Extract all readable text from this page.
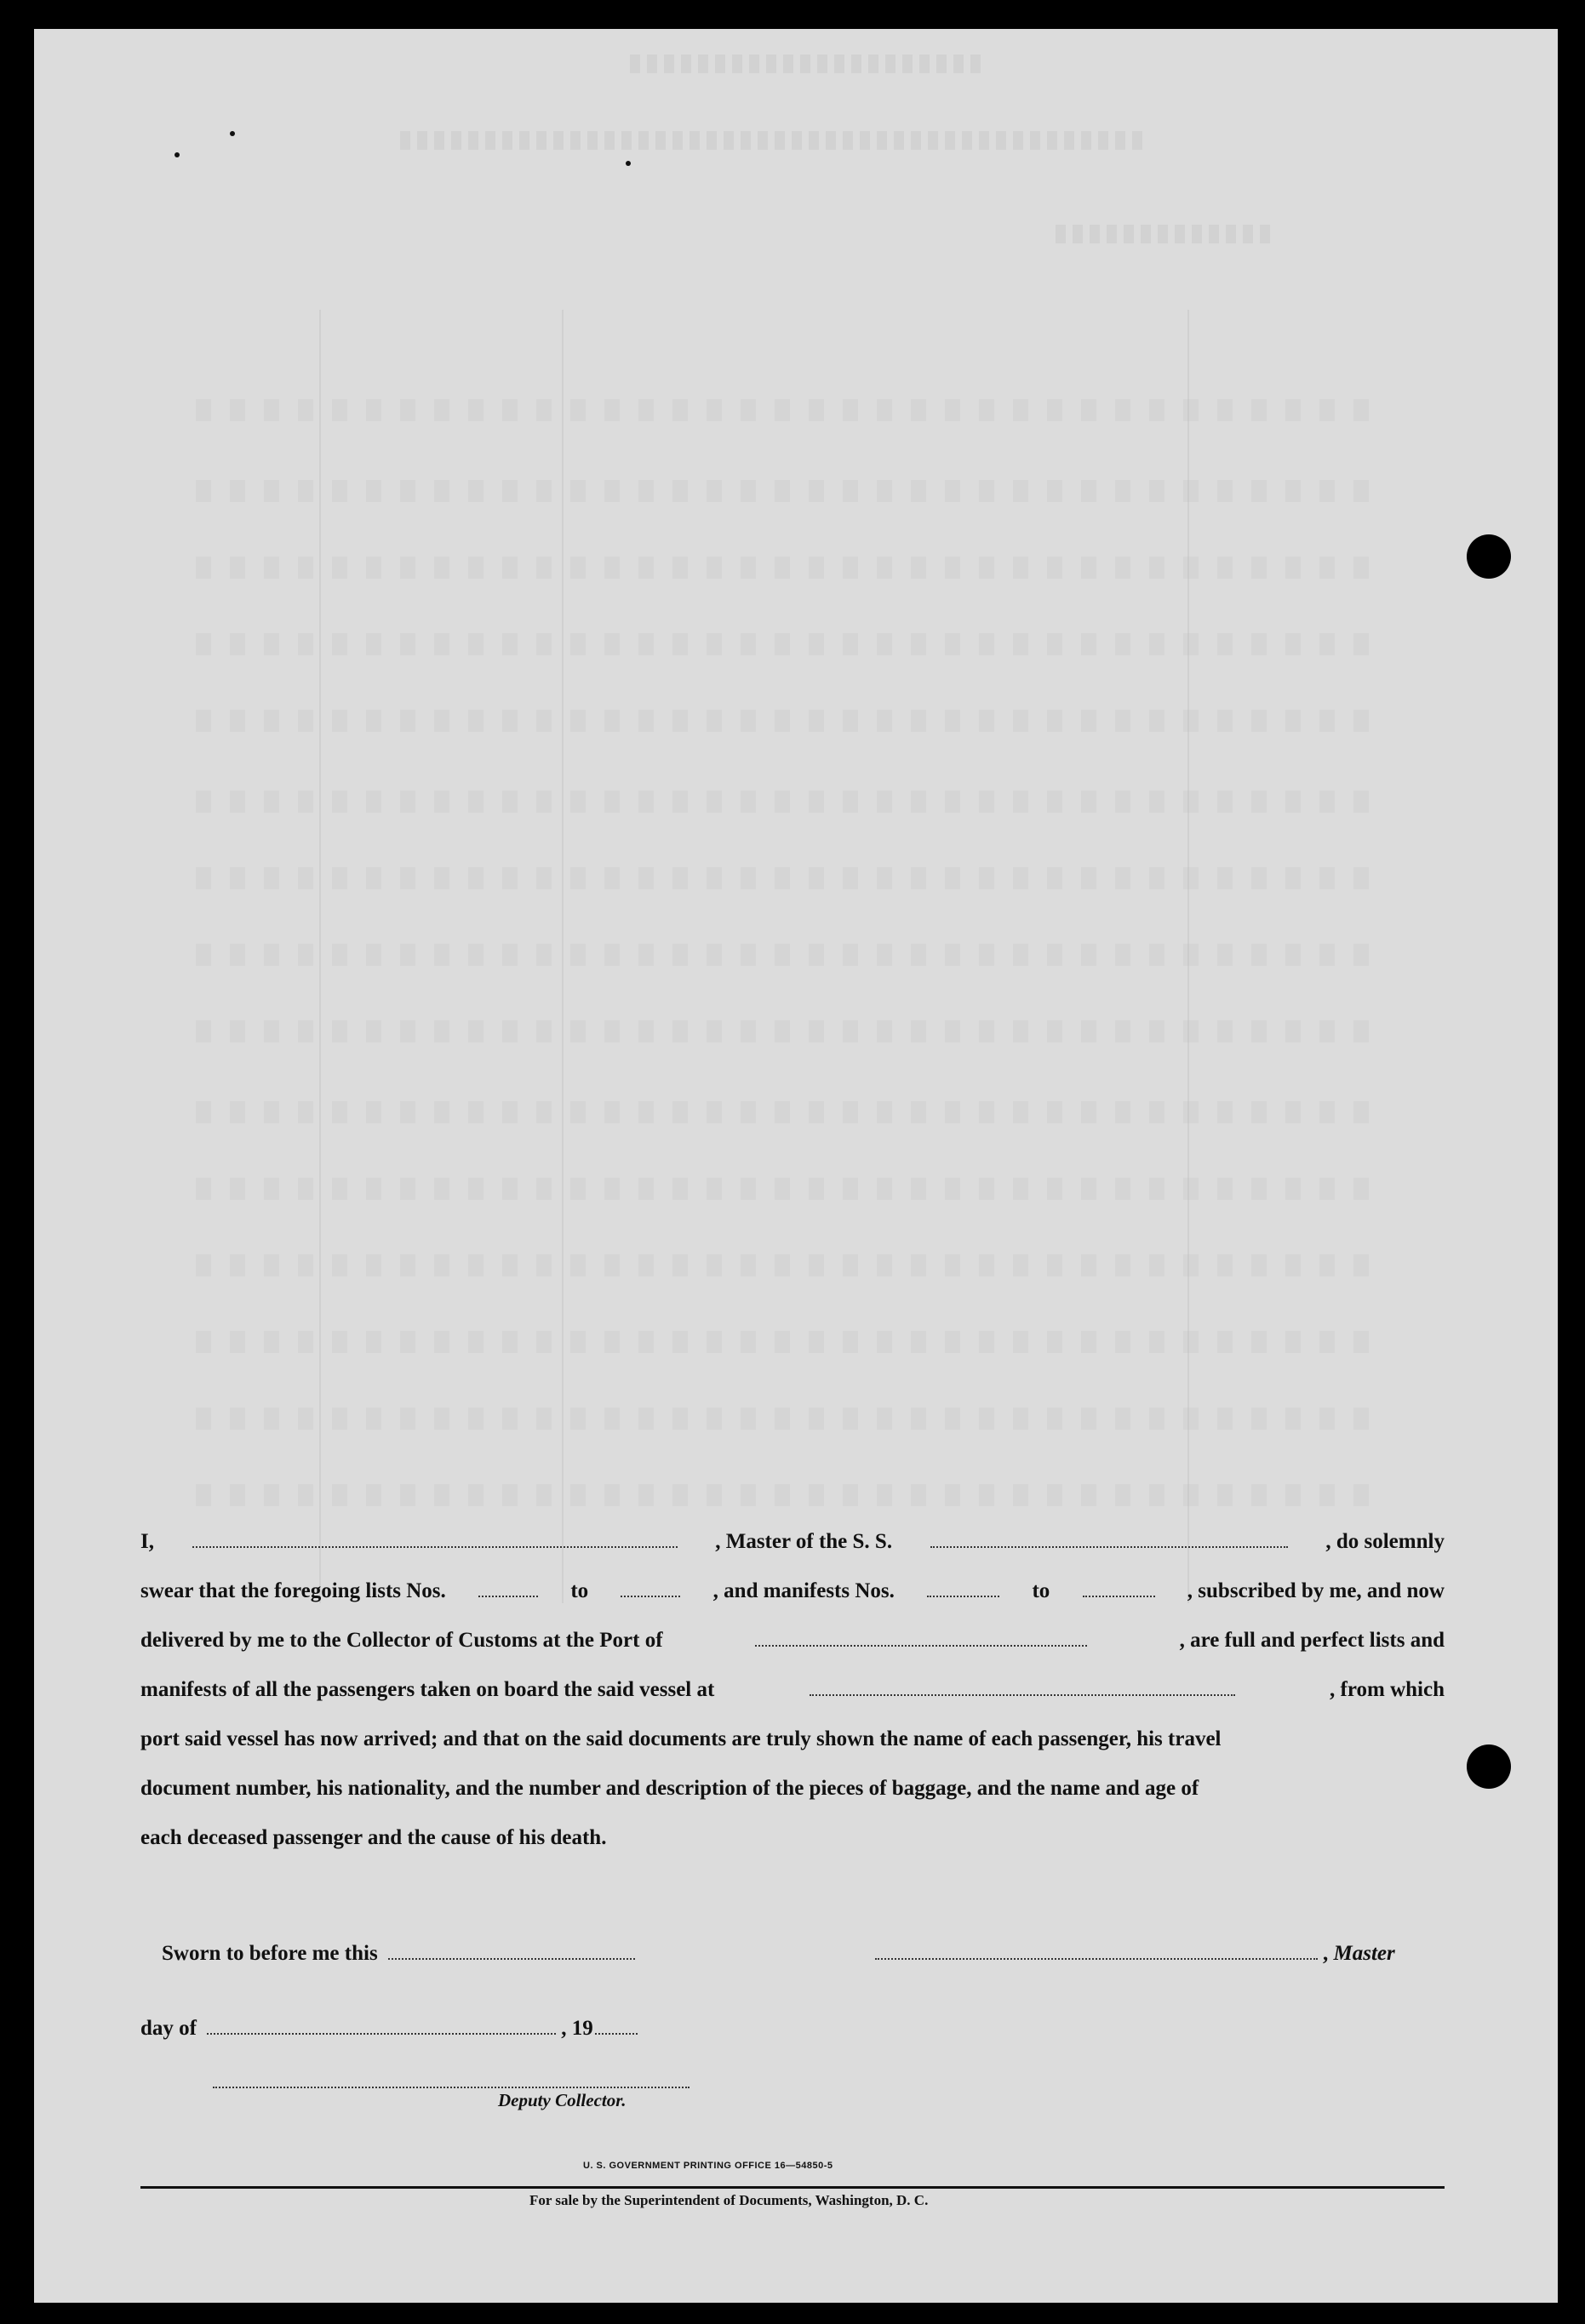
I,	, Master of the S. S.	, do solemnly
swear that the foregoing lists Nos.	to	, and manifests Nos.	to	, subscribed by me, and now
delivered by me to the Collector of Customs at the Port of	, are full and perfect lists and
manifests of all the passengers taken on board the said vessel at	, from which
port said vessel has now arrived; and that on the said documents are truly shown the name of each passenger, his travel
document number, his nationality, and the number and description of the pieces of baggage, and the name and age of
each deceased passenger and the cause of his death.
Sworn to before me this	, Master
day of	, 19
Deputy Collector.
U. S. GOVERNMENT PRINTING OFFICE 16—54850-5
For sale by the Superintendent of Documents, Washington, D. C.
